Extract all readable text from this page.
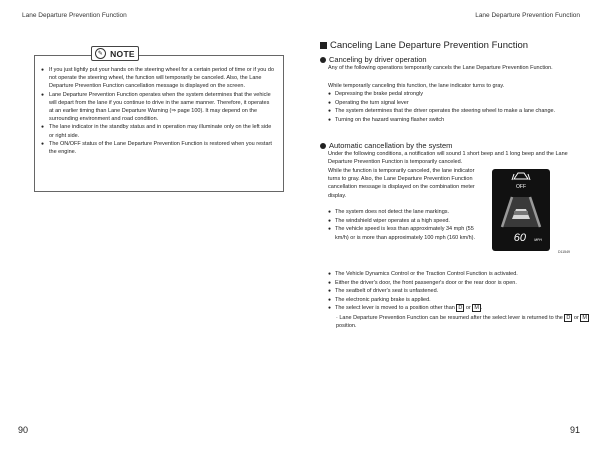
Lane Departure Prevention Function	Lane Departure Prevention Function
✎ NOTE
● If you just lightly put your hands on the steering wheel for a certain period of time or if you do not operate the steering wheel, the function will temporarily be canceled. Also, the Lane Departure Prevention Function cancellation message is displayed on the screen.
● Lane Departure Prevention Function operates when the system determines that the vehicle will depart from the lane if you continue to drive in the same manner. Therefore, it operates at an earlier timing than Lane Departure Warning (⇒ page 100). It may depend on the surrounding environment and road condition.
● The lane indicator in the standby status and in operation may illuminate only on the left side or right side.
● The ON/OFF status of the Lane Departure Prevention Function is restored when you restart the engine.
Canceling Lane Departure Prevention Function
Canceling by driver operation
Any of the following operations temporarily cancels the Lane Departure Prevention Function.
While temporarily canceling this function, the lane indicator turns to gray.
● Depressing the brake pedal strongly
● Operating the turn signal lever
● The system determines that the driver operates the steering wheel to make a lane change.
● Turning on the hazard warning flasher switch
Automatic cancellation by the system
Under the following conditions, a notification will sound 1 short beep and 1 long beep and the Lane Departure Prevention Function is temporarily canceled.
While the function is temporarily canceled, the lane indicator turns to gray. Also, the Lane Departure Prevention Function cancellation message is displayed on the combination meter display.
● The system does not detect the lane markings.
● The windshield wiper operates at a high speed.
● The vehicle speed is less than approximately 34 mph (55 km/h) or is more than approximately 100 mph (160 km/h).
● The Vehicle Dynamics Control or the Traction Control Function is activated.
● Either the driver's door, the front passenger's door or the rear door is open.
● The seatbelt of driver's seat is unfastened.
● The electronic parking brake is applied.
● The select lever is moved to a position other than D or M .
· Lane Departure Prevention Function can be resumed after the select lever is returned to the D or M position.
OFF
60 MPH
D11549
90	91
